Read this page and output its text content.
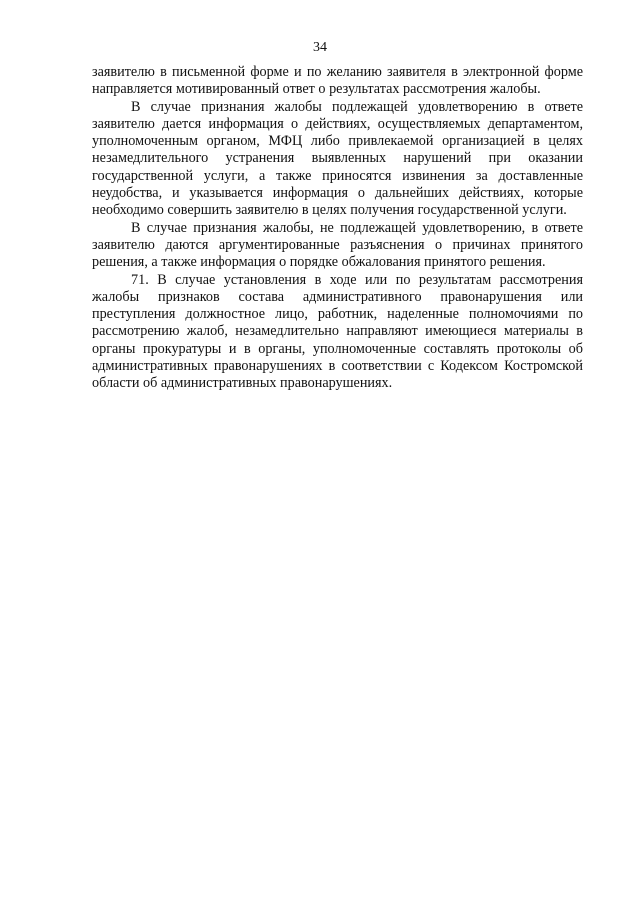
34

заявителю в письменной форме и по желанию заявителя в электронной форме направляется мотивированный ответ о результатах рассмотрения жалобы.

В случае признания жалобы подлежащей удовлетворению в ответе заявителю дается информация о действиях, осуществляемых департаментом, уполномоченным органом, МФЦ либо привлекаемой организацией в целях незамедлительного устранения выявленных нарушений при оказании государственной услуги, а также приносятся извинения за доставленные неудобства, и указывается информация о дальнейших действиях, которые необходимо совершить заявителю в целях получения государственной услуги.

В случае признания жалобы, не подлежащей удовлетворению, в ответе заявителю даются аргументированные разъяснения о причинах принятого решения, а также информация о порядке обжалования принятого решения.

71. В случае установления в ходе или по результатам рассмотрения жалобы признаков состава административного правонарушения или преступления должностное лицо, работник, наделенные полномочиями по рассмотрению жалоб, незамедлительно направляют имеющиеся материалы в органы прокуратуры и в органы, уполномоченные составлять протоколы об административных правонарушениях в соответствии с Кодексом Костромской области об административных правонарушениях.
